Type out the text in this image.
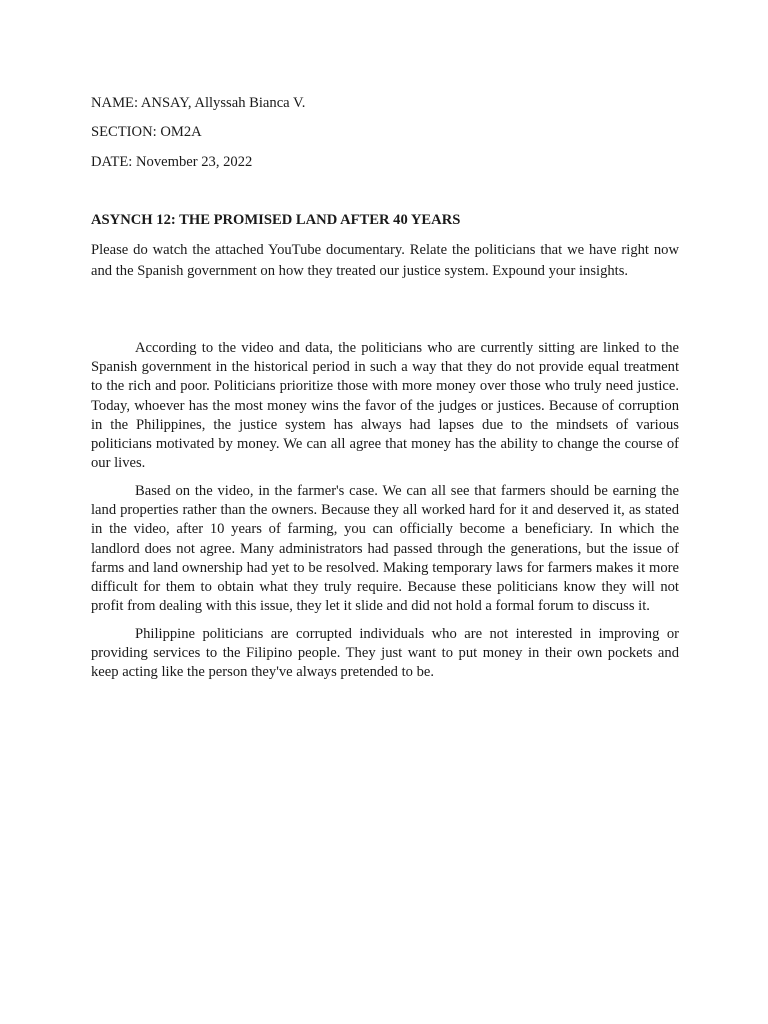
NAME: ANSAY, Allyssah Bianca V.
SECTION: OM2A
DATE: November 23, 2022
ASYNCH 12: THE PROMISED LAND AFTER 40 YEARS
Please do watch the attached YouTube documentary. Relate the politicians that we have right now and the Spanish government on how they treated our justice system. Expound your insights.

According to the video and data, the politicians who are currently sitting are linked to the Spanish government in the historical period in such a way that they do not provide equal treatment to the rich and poor. Politicians prioritize those with more money over those who truly need justice. Today, whoever has the most money wins the favor of the judges or justices. Because of corruption in the Philippines, the justice system has always had lapses due to the mindsets of various politicians motivated by money. We can all agree that money has the ability to change the course of our lives.

Based on the video, in the farmer's case. We can all see that farmers should be earning the land properties rather than the owners. Because they all worked hard for it and deserved it, as stated in the video, after 10 years of farming, you can officially become a beneficiary. In which the landlord does not agree. Many administrators had passed through the generations, but the issue of farms and land ownership had yet to be resolved. Making temporary laws for farmers makes it more difficult for them to obtain what they truly require. Because these politicians know they will not profit from dealing with this issue, they let it slide and did not hold a formal forum to discuss it.

Philippine politicians are corrupted individuals who are not interested in improving or providing services to the Filipino people. They just want to put money in their own pockets and keep acting like the person they've always pretended to be.
